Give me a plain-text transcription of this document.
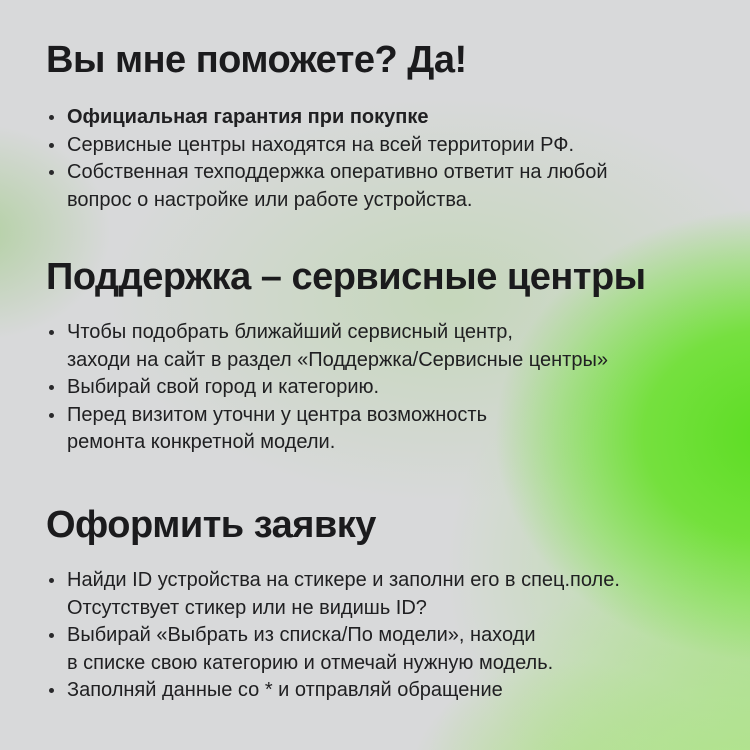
Вы мне поможете? Да!
Официальная гарантия при покупке
Сервисные центры находятся на всей территории РФ.
Собственная техподдержка оперативно ответит на любой
вопрос о настройке или работе устройства.
Поддержка – сервисные центры
Чтобы подобрать ближайший сервисный центр,
заходи на сайт в раздел «Поддержка/Сервисные центры»
Выбирай свой город и категорию.
Перед визитом уточни у центра возможность
ремонта конкретной модели.
Оформить заявку
Найди ID устройства на стикере и заполни его в спец.поле.
Отсутствует стикер или не видишь ID?
Выбирай «Выбрать из списка/По модели», находи
в списке свою категорию и отмечай нужную модель.
Заполняй данные со * и отправляй обращение
